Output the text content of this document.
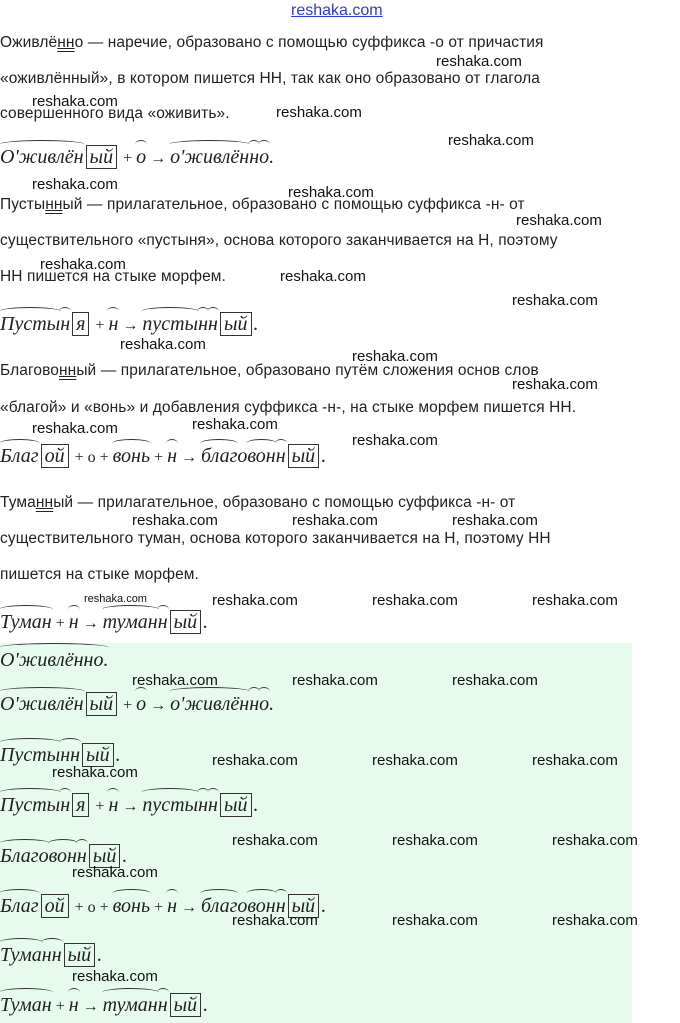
reshaka.com
Оживлённо — наречие, образовано с помощью суффикса -о от причастия
«оживлённый», в котором пишется НН, так как оно образовано от глагола
совершенного вида «оживить».
О'живлён ый + о → о'живлённо.
Пустынный — прилагательное, образовано с помощью суффикса -н- от
существительного «пустыня», основа которого заканчивается на Н, поэтому
НН пишется на стыке морфем.
Пустын я + н → пустынн ый .
Благовонный — прилагательное, образовано путём сложения основ слов
«благой» и «вонь» и добавления суффикса -н-, на стыке морфем пишется НН.
Благ ой + о + вонь + н → благовонн ый .
Туманный — прилагательное, образовано с помощью суффикса -н- от
существительного туман, основа которого заканчивается на Н, поэтому НН
пишется на стыке морфем.
Туман + н → туманн ый .
О'живлённо.
О'живлён ый + о → о'живлённо.
Пустынн ый .
Пустын я + н → пустынн ый .
Благовонн ый .
Благ ой + о + вонь + н → благовонн ый .
Туманн ый .
Туман + н → туманн ый .
reshaka.com
reshaka.com
reshaka.com
reshaka.com
reshaka.com	reshaka.com
reshaka.com
reshaka.com
reshaka.com
reshaka.com
reshaka.com
reshaka.com
reshaka.com
reshaka.com	reshaka.com
reshaka.com
reshaka.com	reshaka.com	reshaka.com
reshaka.com	reshaka.com	reshaka.com	reshaka.com
reshaka.com	reshaka.com	reshaka.com
reshaka.com	reshaka.com	reshaka.com
reshaka.com
reshaka.com	reshaka.com	reshaka.com
reshaka.com
reshaka.com	reshaka.com	reshaka.com
reshaka.com
